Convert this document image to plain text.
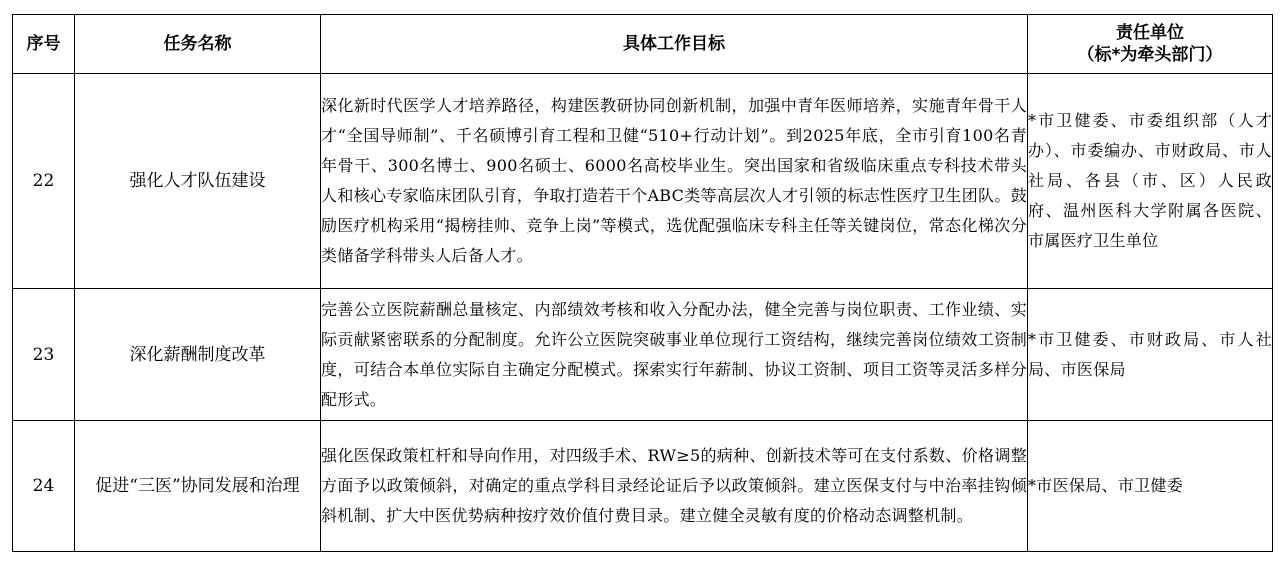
序号	任务名称	具体工作目标	责任单位
（标*为牵头部门）

22	强化人才队伍建设	深化新时代医学人才培养路径，构建医教研协同创新机制，加强中青年医师培养，实施青年骨干人才“全国导师制”、千名硕博引育工程和卫健“510+行动计划”。到2025年底，全市引育100名青年骨干、300名博士、900名硕士、6000名高校毕业生。突出国家和省级临床重点专科技术带头人和核心专家临床团队引育，争取打造若干个ABC类等高层次人才引领的标志性医疗卫生团队。鼓励医疗机构采用“揭榜挂帅、竞争上岗”等模式，选优配强临床专科主任等关键岗位，常态化梯次分类储备学科带头人后备人才。	*市卫健委、市委组织部（人才办）、市委编办、市财政局、市人社局、各县（市、区）人民政府、温州医科大学附属各医院、市属医疗卫生单位
23	深化薪酬制度改革	完善公立医院薪酬总量核定、内部绩效考核和收入分配办法，健全完善与岗位职责、工作业绩、实际贡献紧密联系的分配制度。允许公立医院突破事业单位现行工资结构，继续完善岗位绩效工资制度，可结合本单位实际自主确定分配模式。探索实行年薪制、协议工资制、项目工资等灵活多样分配形式。	*市卫健委、市财政局、市人社局、市医保局
24	促进“三医”协同发展和治理	强化医保政策杠杆和导向作用，对四级手术、RW≥5的病种、创新技术等可在支付系数、价格调整方面予以政策倾斜，对确定的重点学科目录经论证后予以政策倾斜。建立医保支付与中治率挂钩倾斜机制、扩大中医优势病种按疗效价值付费目录。建立健全灵敏有度的价格动态调整机制。	*市医保局、市卫健委
